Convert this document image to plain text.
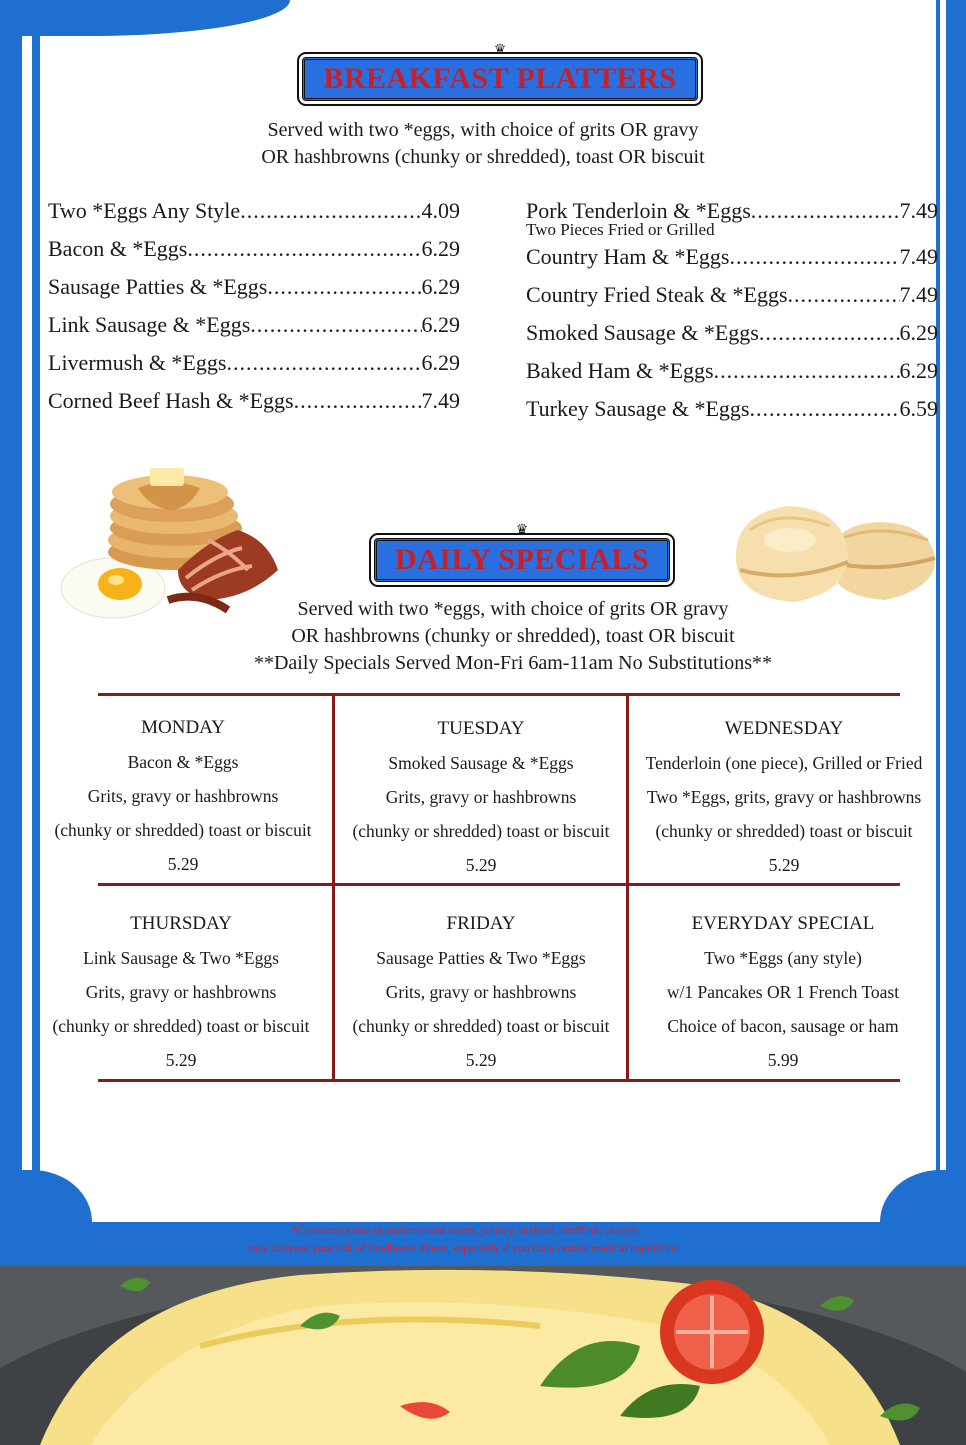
♛
BREAKFAST PLATTERS
Served with two *eggs, with choice of grits OR gravy
OR hashbrowns (chunky or shredded), toast OR biscuit
Two *Eggs Any Style .....	4.09
Bacon & *Eggs .....	6.29
Sausage Patties & *Eggs .....	6.29
Link Sausage & *Eggs .....	6.29
Livermush & *Eggs .....	6.29
Corned Beef Hash & *Eggs .....	7.49
Pork Tenderloin & *Eggs .....	7.49
Two Pieces Fried or Grilled
Country Ham & *Eggs .....	7.49
Country Fried Steak & *Eggs .....	7.49
Smoked Sausage & *Eggs .....	6.29
Baked Ham & *Eggs .....	6.29
Turkey Sausage & *Eggs .....	6.59
♛
DAILY SPECIALS
Served with two *eggs, with choice of grits OR gravy
OR hashbrowns (chunky or shredded), toast OR biscuit
**Daily Specials Served Mon-Fri 6am-11am No Substitutions**
MONDAY
Bacon & *Eggs
Grits, gravy or hashbrowns
(chunky or shredded) toast or biscuit
5.29
TUESDAY
Smoked Sausage & *Eggs
Grits, gravy or hashbrowns
(chunky or shredded) toast or biscuit
5.29
WEDNESDAY
Tenderloin (one piece), Grilled or Fried
Two *Eggs, grits, gravy or hashbrowns
(chunky or shredded) toast or biscuit
5.29
THURSDAY
Link Sausage & Two *Eggs
Grits, gravy or hashbrowns
(chunky or shredded) toast or biscuit
5.29
FRIDAY
Sausage Patties & Two *Eggs
Grits, gravy or hashbrowns
(chunky or shredded) toast or biscuit
5.29
EVERYDAY SPECIAL
Two *Eggs (any style)
w/1 Pancakes OR 1 French Toast
Choice of bacon, sausage or ham
5.99
*Consuming raw or undercooked meats, poultry, seafood, shellfish, or eggs
may increase your risk of foodborne illness, especially if you have certain medical conditions.
